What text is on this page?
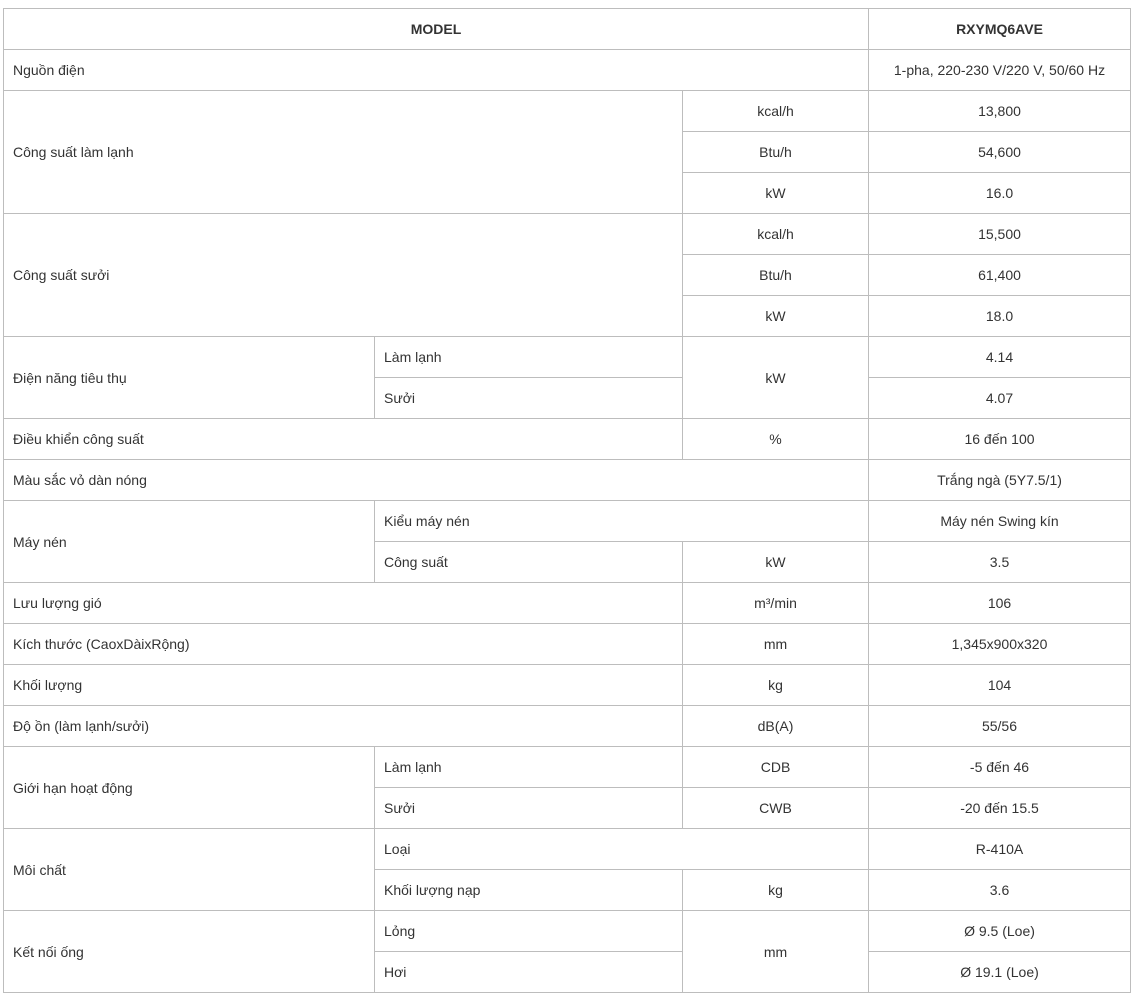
MODEL			RXYMQ6AVE
Nguồn điện			1-pha, 220-230 V/220 V, 50/60 Hz
Công suất làm lạnh		kcal/h	13,800
		Btu/h	54,600
		kW	16.0
Công suất sưởi		kcal/h	15,500
		Btu/h	61,400
		kW	18.0
Điện năng tiêu thụ	Làm lạnh	kW	4.14
	Sưởi		4.07
Điều khiển công suất		%	16 đến 100
Màu sắc vỏ dàn nóng			Trắng ngà (5Y7.5/1)
Máy nén	Kiểu máy nén		Máy nén Swing kín
	Công suất	kW	3.5
Lưu lượng gió		m³/min	106
Kích thước (CaoxDàixRộng)		mm	1,345x900x320
Khối lượng		kg	104
Độ ồn (làm lạnh/sưởi)		dB(A)	55/56
Giới hạn hoạt động	Làm lạnh	CDB	-5 đến 46
	Sưởi	CWB	-20 đến 15.5
Môi chất	Loại		R-410A
	Khối lượng nạp	kg	3.6
Kết nối ống	Lỏng	mm	Ø 9.5 (Loe)
	Hơi		Ø 19.1 (Loe)
